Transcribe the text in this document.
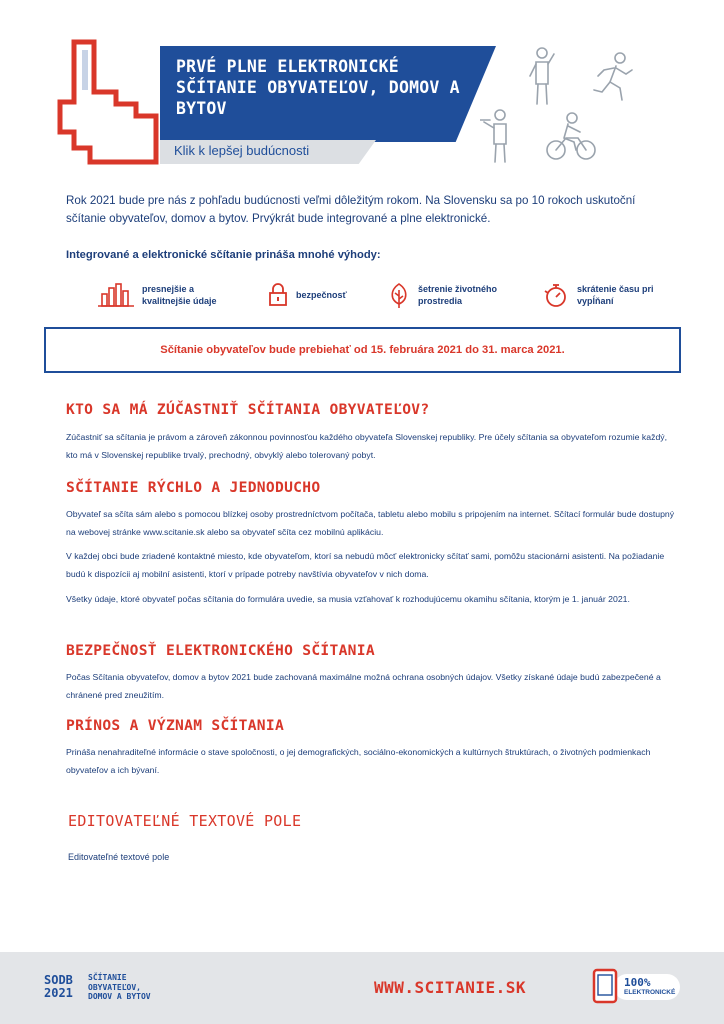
PRVÉ PLNE ELEKTRONICKÉ SČÍTANIE OBYVATEĽOV, DOMOV A BYTOV
Klik k lepšej budúcnosti
Rok 2021 bude pre nás z pohľadu budúcnosti veľmi dôležitým rokom. Na Slovensku sa po 10 rokoch uskutoční sčítanie obyvateľov, domov a bytov. Prvýkrát bude integrované a plne elektronické.
Integrované a elektronické sčítanie prináša mnohé výhody:
presnejšie a kvalitnejšie údaje
bezpečnosť
šetrenie životného prostredia
skrátenie času pri vypĺňaní
Sčítanie obyvateľov bude prebiehať od 15. februára 2021 do 31. marca 2021.
KTO SA MÁ ZÚČASTNIŤ SČÍTANIA OBYVATEĽOV?
Zúčastniť sa sčítania je právom a zároveň zákonnou povinnosťou každého obyvateľa Slovenskej republiky. Pre účely sčítania sa obyvateľom rozumie každý, kto má v Slovenskej republike trvalý, prechodný, obvyklý alebo tolerovaný pobyt.
SČÍTANIE RÝCHLO A JEDNODUCHO
Obyvateľ sa sčíta sám alebo s pomocou blízkej osoby prostredníctvom počítača, tabletu alebo mobilu s pripojením na internet. Sčítací formulár bude dostupný na webovej stránke www.scitanie.sk alebo sa obyvateľ sčíta cez mobilnú aplikáciu.
V každej obci bude zriadené kontaktné miesto, kde obyvateľom, ktorí sa nebudú môcť elektronicky sčítať sami, pomôžu stacionárni asistenti. Na požiadanie budú k dispozícii aj mobilní asistenti, ktorí v prípade potreby navštívia obyvateľov v nich doma.
Všetky údaje, ktoré obyvateľ počas sčítania do formulára uvedie, sa musia vzťahovať k rozhodujúcemu okamihu sčítania, ktorým je 1. január 2021.
BEZPEČNOSŤ ELEKTRONICKÉHO SČÍTANIA
Počas Sčítania obyvateľov, domov a bytov 2021 bude zachovaná maximálne možná ochrana osobných údajov. Všetky získané údaje budú zabezpečené a chránené pred zneužitím.
PRÍNOS A VÝZNAM SČÍTANIA
Prináša nenahraditeľné informácie o stave spoločnosti, o jej demografických, sociálno-ekonomických a kultúrnych štruktúrach, o životných podmienkach obyvateľov a ich bývaní.
EDITOVATEĽNÉ TEXTOVÉ POLE
Editovateľné textové pole
SODB
2021
SČÍTANIE
OBYVATEĽOV,
DOMOV A BYTOV	WWW.SCITANIE.SK	100%
ELEKTRONICKÉ
